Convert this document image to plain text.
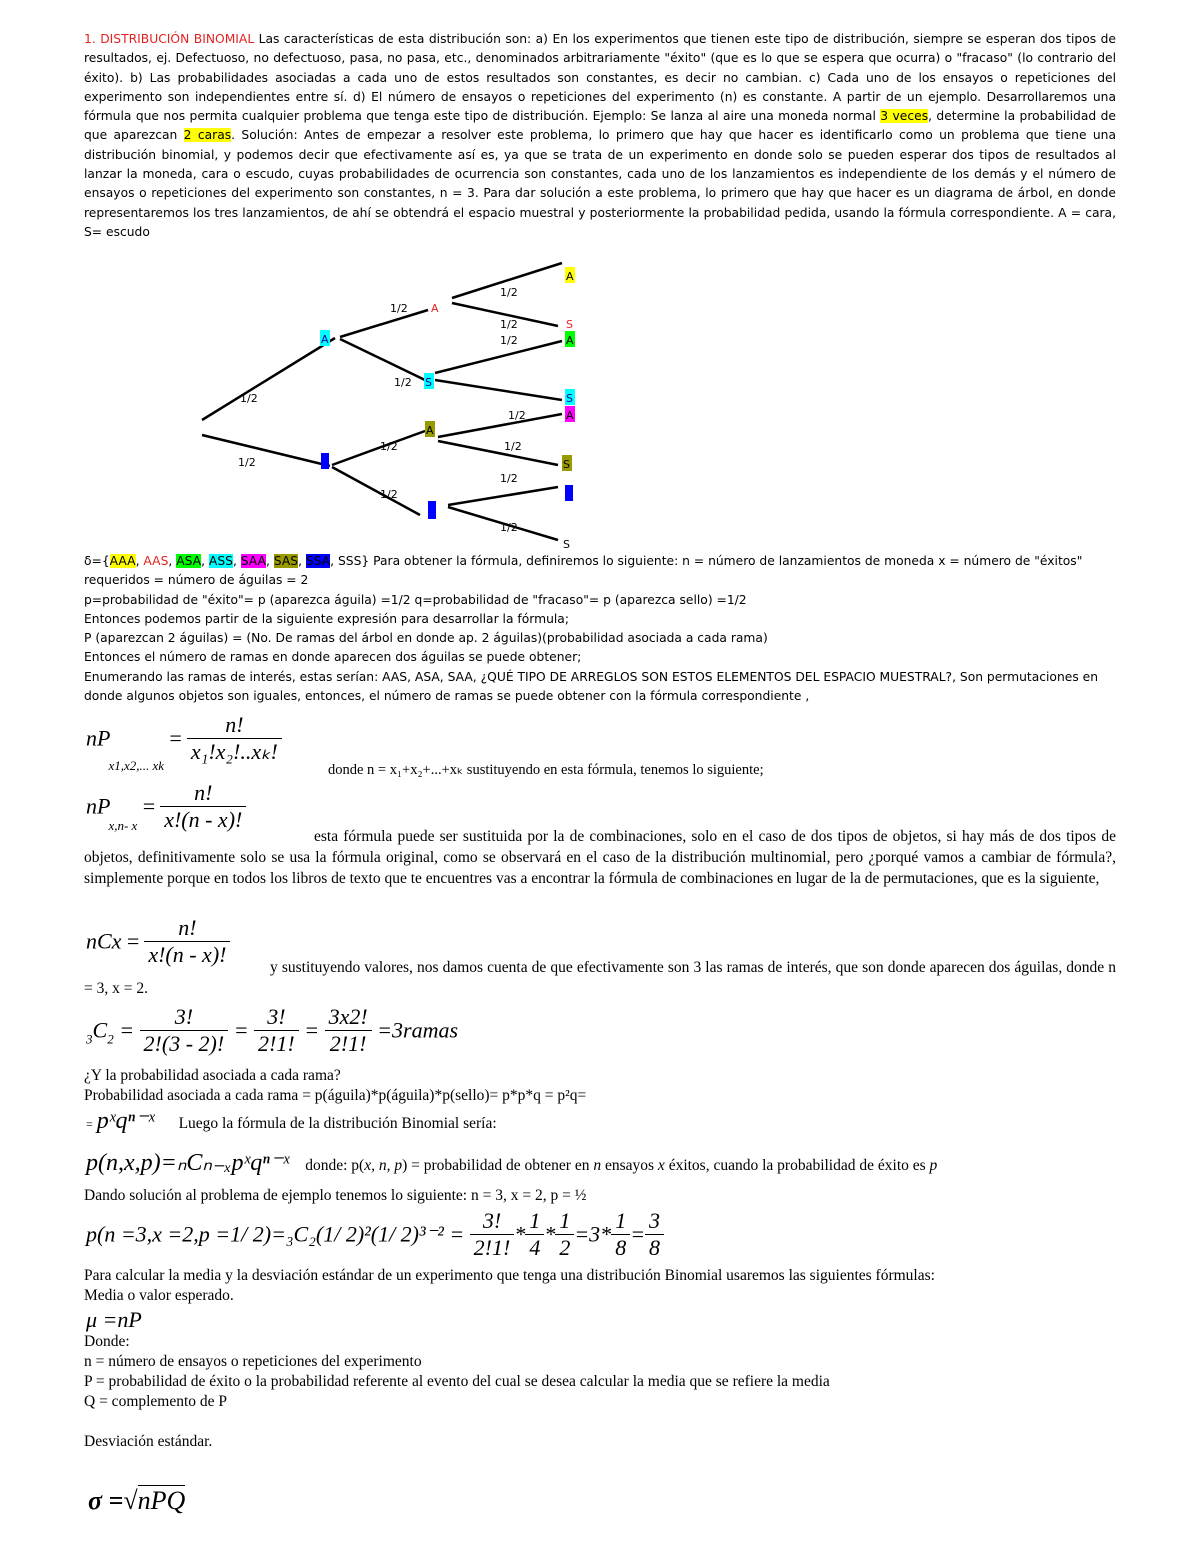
1. DISTRIBUCIÓN BINOMIAL Las características de esta distribución son: a) En los experimentos que tienen este tipo de distribución, siempre se esperan dos tipos de resultados, ej. Defectuoso, no defectuoso, pasa, no pasa, etc., denominados arbitrariamente "éxito" (que es lo que se espera que ocurra) o "fracaso" (lo contrario del éxito). b) Las probabilidades asociadas a cada uno de estos resultados son constantes, es decir no cambian. c) Cada uno de los ensayos o repeticiones del experimento son independientes entre sí. d) El número de ensayos o repeticiones del experimento (n) es constante. A partir de un ejemplo. Desarrollaremos una fórmula que nos permita cualquier problema que tenga este tipo de distribución. Ejemplo: Se lanza al aire una moneda normal 3 veces, determine la probabilidad de que aparezcan 2 caras. Solución: Antes de empezar a resolver este problema, lo primero que hay que hacer es identificarlo como un problema que tiene una distribución binomial, y podemos decir que efectivamente así es, ya que se trata de un experimento en donde solo se pueden esperar dos tipos de resultados al lanzar la moneda, cara o escudo, cuyas probabilidades de ocurrencia son constantes, cada uno de los lanzamientos es independiente de los demás y el número de ensayos o repeticiones del experimento son constantes, n = 3. Para dar solución a este problema, lo primero que hay que hacer es un diagrama de árbol, en donde representaremos los tres lanzamientos, de ahí se obtendrá el espacio muestral y posteriormente la probabilidad pedida, usando la fórmula correspondiente. A = cara, S= escudo
1/2
1/2
1/2
1/2
1/2
1/2
1/2
1/2
1/2
1/2
1/2
1/2
1/2
A
A
S
A
A
S
A
S
A
S
S
δ={AAA, AAS, ASA, ASS, SAA, SAS, SSA, SSS} Para obtener la fórmula, definiremos lo siguiente: n = número de lanzamientos de moneda x = número de "éxitos" requeridos = número de águilas = 2
p=probabilidad de "éxito"= p (aparezca águila) =1/2 q=probabilidad de "fracaso"= p (aparezca sello) =1/2
Entonces podemos partir de la siguiente expresión para desarrollar la fórmula;
P (aparezcan 2 águilas) = (No. De ramas del árbol en donde ap. 2 águilas)(probabilidad asociada a cada rama)
Entonces el número de ramas en donde aparecen dos águilas se puede obtener;
Enumerando las ramas de interés, estas serían: AAS, ASA, SAA, ¿QUÉ TIPO DE ARREGLOS SON ESTOS ELEMENTOS DEL ESPACIO MUESTRAL?, Son permutaciones en donde algunos objetos son iguales, entonces, el número de ramas se puede obtener con la fórmula correspondiente ,
$nP_{x1,x2,... xk} = \frac{n!}{\text{x₁!x₂!..xₖ!}}$
donde n = x₁+x₂+...+xₖ sustituyendo en esta fórmula, tenemos lo siguiente;
$nP_{x,n- x} = \frac{n!}{x!(n - x)!}$
esta fórmula puede ser sustituida por la de combinaciones, solo en el caso de dos tipos de objetos, si hay más de dos tipos de objetos, definitivamente solo se usa la fórmula original, como se observará en el caso de la distribución multinomial, pero ¿porqué vamos a cambiar de fórmula?, simplemente porque en todos los libros de texto que te encuentres vas a encontrar la fórmula de combinaciones en lugar de la de permutaciones, que es la siguiente,
nCx = $\frac{n!}{x!(n - x)!}$	y sustituyendo valores, nos damos cuenta de que efectivamente son 3 las ramas de interés, que son donde aparecen dos águilas, donde n = 3, x = 2.
$_3C_2 = \frac{3!}{2!(3 - 2)!} = \frac{3!}{2!1!} = \frac{3x2!}{2!1!}$ =3ramas
¿Y la probabilidad asociada a cada rama?
Probabilidad asociada a cada rama = p(águila)*p(águila)*p(sello)= p*p*q = p²q=
= pˣqⁿ⁻ˣ Luego la fórmula de la distribución Binomial sería:
p(n,x,p)=ₙCₙ₋ₓpˣqⁿ⁻ˣ donde: p(x, n, p) = probabilidad de obtener en n ensayos x éxitos, cuando la probabilidad de éxito es p
Dando solución al problema de ejemplo tenemos lo siguiente: n = 3, x = 2, p = ½
p(n =3,x =2,p =1/ 2)=₃C₂(1/ 2)²(1/ $2)^{3-2} = \frac{3!}{2!1!} * \frac{1}{4} * \frac{1}{2} =3* \frac{1}{8} = \frac{3}{8}$
Para calcular la media y la desviación estándar de un experimento que tenga una distribución Binomial usaremos las siguientes fórmulas:
Media o valor esperado.
μ =nP
Donde:
n = número de ensayos o repeticiones del experimento
P = probabilidad de éxito o la probabilidad referente al evento del cual se desea calcular la media que se refiere la media
Q = complemento de P
Desviación estándar.
σ =√nPQ
